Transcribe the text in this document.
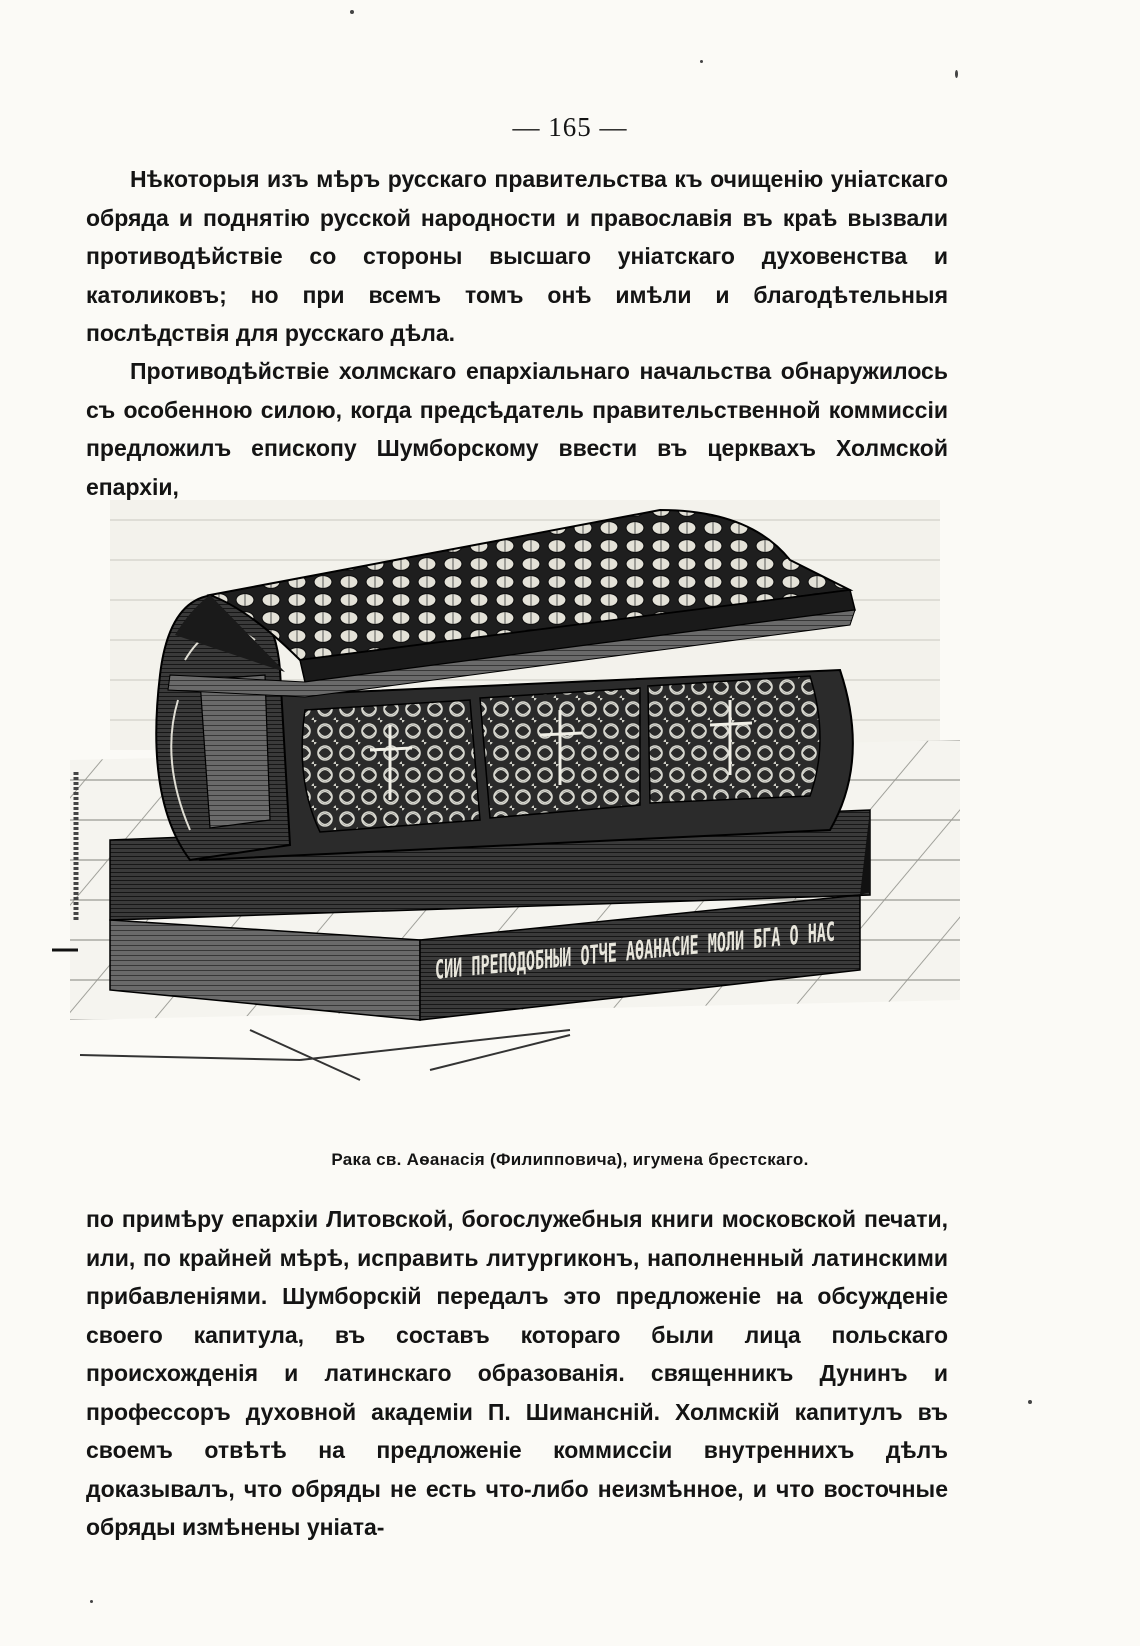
— 165 —

Нѣкоторыя изъ мѣръ русскаго правительства къ очищенію уніатскаго обряда и поднятію русской народности и православія въ краѣ вызвали противодѣйствіе со стороны высшаго уніатскаго духовенства и католиковъ; но при всемъ томъ онѣ имѣли и благодѣтельныя послѣдствія для русскаго дѣла.

Противодѣйствіе холмскаго епархіальнаго начальства обнаружилось съ особенною силою, когда предсѣдатель правительственной коммиссіи предложилъ епископу Шумборскому ввести въ церквахъ Холмской епархіи,

СИИ ПРЕПОДОБНЫИ ОТЧЕ АѲАНАСИЕ МОЛИ БГА О НАС
Рака св. Аѳанасія (Филипповича), игумена брестскаго.

по примѣру епархіи Литовской, богослужебныя книги московской печати, или, по крайней мѣрѣ, исправить литургиконъ, наполненный латинскими прибавленіями. Шумборскій передалъ это предложеніе на обсужденіе своего капитула, въ составъ котораго были лица польскаго происхожденія и латинскаго образованія. священникъ Дунинъ и профессоръ духовной академіи П. Шимансній. Холмскій капитулъ въ своемъ отвѣтѣ на предложеніе коммиссіи внутреннихъ дѣлъ доказывалъ, что обряды не есть что-либо неизмѣнное, и что восточные обряды измѣнены уніата-
